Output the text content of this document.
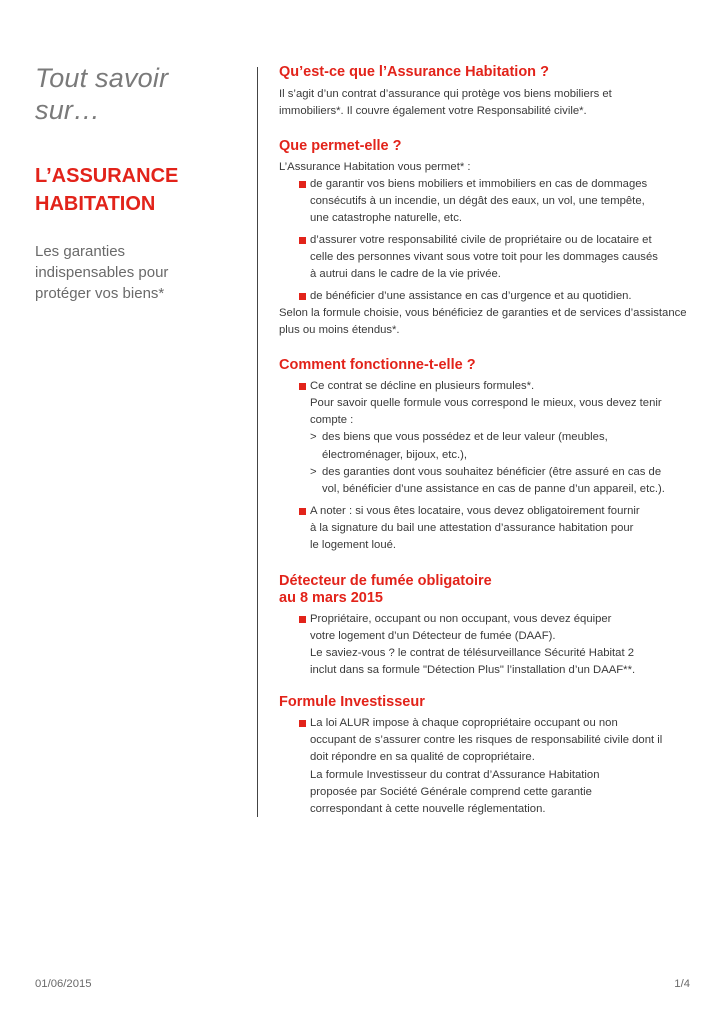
Tout savoir
sur…
L’ASSURANCE
HABITATION
Les garanties
indispensables pour
protéger vos biens*
Qu’est-ce que l’Assurance Habitation ?
Il s’agit d’un contrat d’assurance qui protège vos biens mobiliers et
immobiliers*. Il couvre également votre Responsabilité civile*.
Que permet-elle ?
L’Assurance Habitation vous permet* :
de garantir vos biens mobiliers et immobiliers en cas de dommages
consécutifs à un incendie, un dégât des eaux, un vol, une tempête,
une catastrophe naturelle, etc.
d’assurer votre responsabilité civile de propriétaire ou de locataire et
celle des personnes vivant sous votre toit pour les dommages causés
à autrui dans le cadre de la vie privée.
de bénéficier d’une assistance en cas d’urgence et au quotidien.
Selon la formule choisie, vous bénéficiez de garanties et de services d’assistance
plus ou moins étendus*.
Comment fonctionne-t-elle ?
Ce contrat se décline en plusieurs formules*.
Pour savoir quelle formule vous correspond le mieux, vous devez tenir
compte :
> des biens que vous possédez et de leur valeur (meubles,
électroménager, bijoux, etc.),
> des garanties dont vous souhaitez bénéficier (être assuré en cas de
vol, bénéficier d’une assistance en cas de panne d’un appareil, etc.).
A noter : si vous êtes locataire, vous devez obligatoirement fournir
à la signature du bail une attestation d’assurance habitation pour
le logement loué.
Détecteur de fumée obligatoire
au 8 mars 2015
Propriétaire, occupant ou non occupant, vous devez équiper
votre logement d’un Détecteur de fumée (DAAF).
Le saviez-vous ? le contrat de télésurveillance Sécurité Habitat 2
inclut dans sa formule "Détection Plus" l’installation d’un DAAF**.
Formule Investisseur
La loi ALUR impose à chaque copropriétaire occupant ou non
occupant de s’assurer contre les risques de responsabilité civile dont il
doit répondre en sa qualité de copropriétaire.
La formule Investisseur du contrat d’Assurance Habitation
proposée par Société Générale comprend cette garantie
correspondant à cette nouvelle réglementation.
01/06/2015	1/4
